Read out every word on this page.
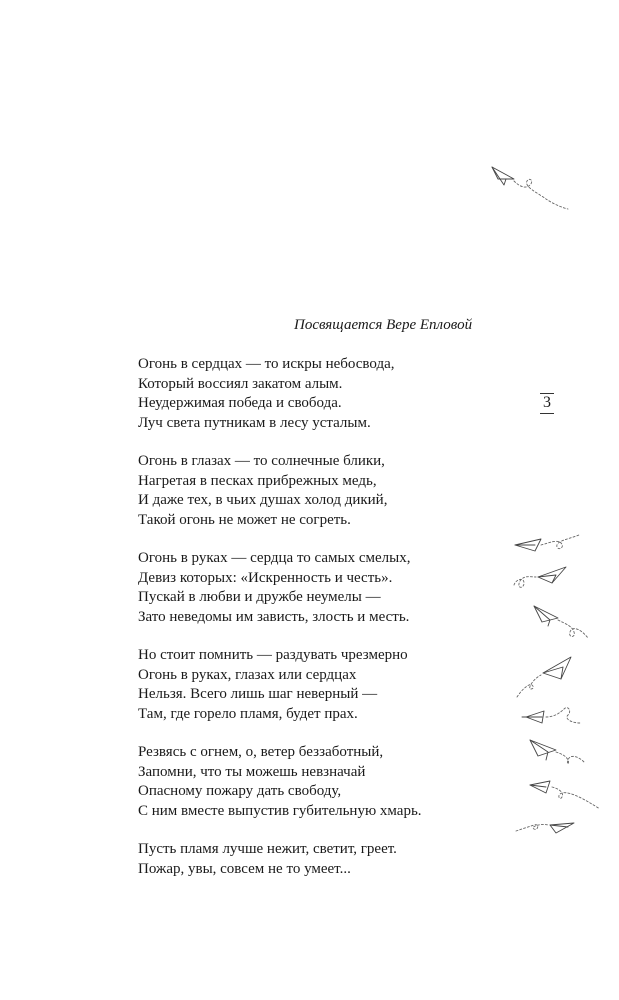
Посвящается Вере Епловой
Огонь в сердцах — то искры небосвода,
Который воссиял закатом алым.
Неудержимая победа и свобода.
Луч света путникам в лесу усталым.
Огонь в глазах — то солнечные блики,
Нагретая в песках прибрежных медь,
И даже тех, в чьих душах холод дикий,
Такой огонь не может не согреть.
Огонь в руках — сердца то самых смелых,
Девиз которых: «Искренность и честь».
Пускай в любви и дружбе неумелы —
Зато неведомы им зависть, злость и месть.
Но стоит помнить — раздувать чрезмерно
Огонь в руках, глазах или сердцах
Нельзя. Всего лишь шаг неверный —
Там, где горело пламя, будет прах.
Резвясь с огнем, о, ветер беззаботный,
Запомни, что ты можешь невзначай
Опасному пожару дать свободу,
С ним вместе выпустив губительную хмарь.
Пусть пламя лучше нежит, светит, греет.
Пожар, увы, совсем не то умеет...
3
